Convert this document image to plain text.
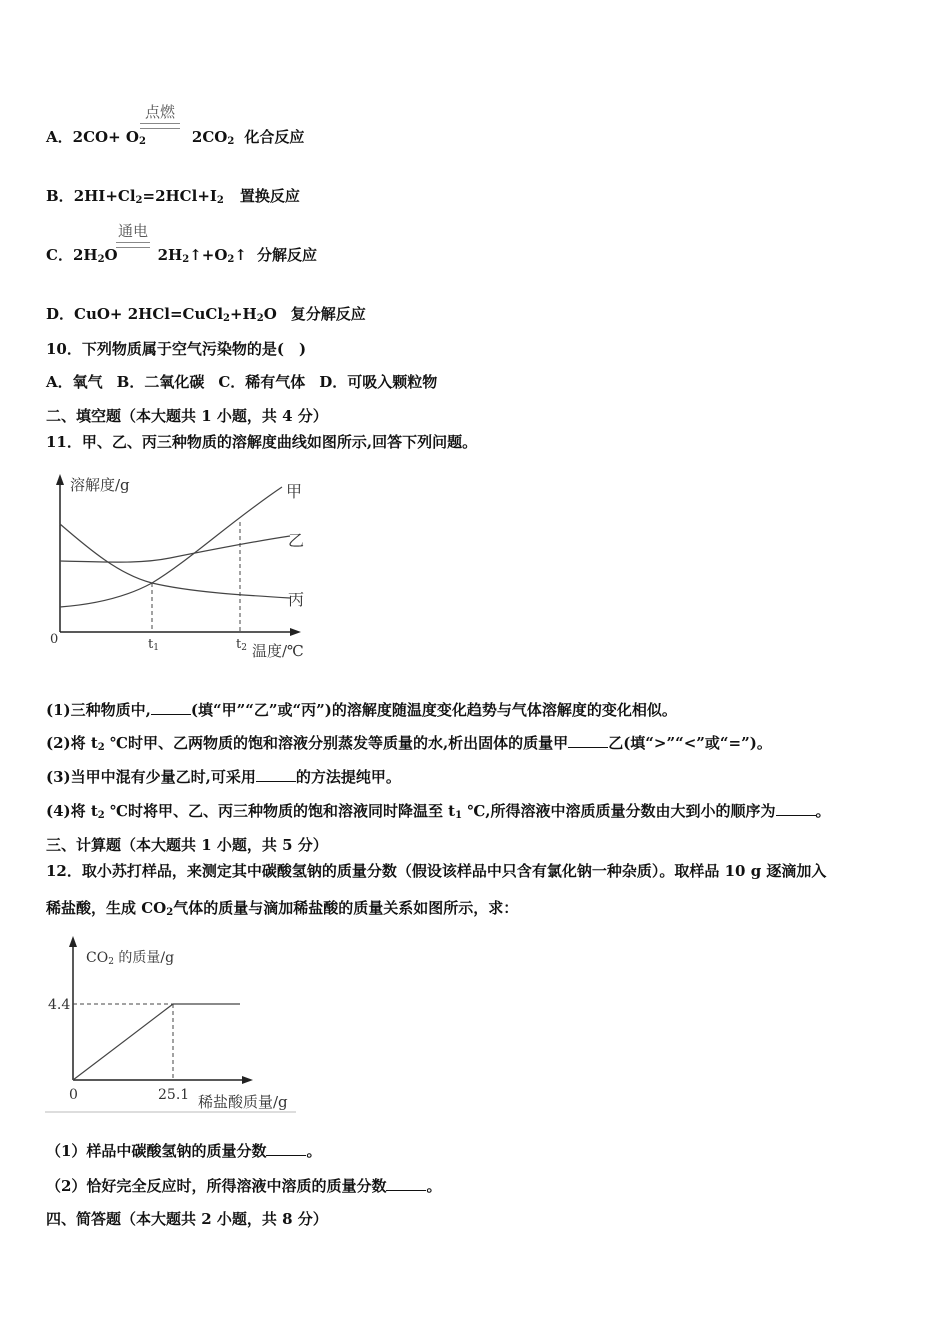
A．$2CO+ O_2$	$2CO_2$ 化合反应
点燃
B．$2HI+Cl_2=2HCl+I_2$ 置换反应
C．$2H_2O$	$2H_2↑+O_2↑$ 分解反应
通电
D．$CuO+ 2HCl=CuCl_2+H_2O$ 复分解反应
10．下列物质属于空气污染物的是(　)
A．氧气 B．二氧化碳 C．稀有气体 D．可吸入颗粒物
二、填空题（本大题共 1 小题，共 4 分）
11．甲、乙、丙三种物质的溶解度曲线如图所示,回答下列问题。
溶解度/g	甲
乙
丙
0	t1	t2 温度/℃
(1)三种物质中,	(填“甲”“乙”或“丙”)的溶解度随温度变化趋势与气体溶解度的变化相似。
(2)将 $t_2$ ℃时甲、乙两物质的饱和溶液分别蒸发等质量的水,析出固体的质量甲	乙(填“>”“<”或“=”)。
(3)当甲中混有少量乙时,可采用	的方法提纯甲。
(4)将 $t_2$ ℃时将甲、乙、丙三种物质的饱和溶液同时降温至 $t_1$ ℃,所得溶液中溶质质量分数由大到小的顺序为	。
三、计算题（本大题共 1 小题，共 5 分）
12．取小苏打样品，来测定其中碳酸氢钠的质量分数（假设该样品中只含有氯化钠一种杂质）。取样品 10 g 逐滴加入
稀盐酸，生成 $CO_2$气体的质量与滴加稀盐酸的质量关系如图所示，求：
CO2 的质量/g
4.4
0	25.1 稀盐酸质量/g
（1）样品中碳酸氢钠的质量分数	。
（2）恰好完全反应时，所得溶液中溶质的质量分数	。
四、简答题（本大题共 2 小题，共 8 分）
